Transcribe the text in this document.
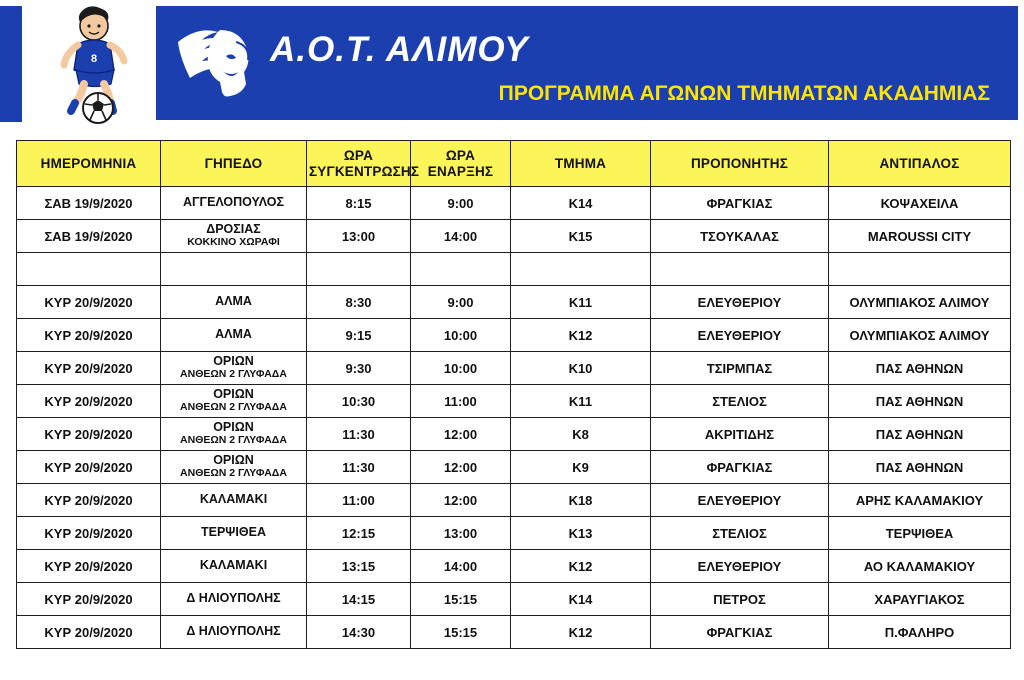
8	Α.Ο.Τ. ΑΛΙΜΟΥ
ΠΡΟΓΡΑΜΜΑ ΑΓΩΝΩΝ ΤΜΗΜΑΤΩΝ ΑΚΑΔΗΜΙΑΣ
ΗΜΕΡΟΜΗΝΙΑ	ΓΗΠΕΔΟ	ΩΡΑ
ΣΥΓΚΕΝΤΡΩΣΗΣ	ΩΡΑ
ΕΝΑΡΞΗΣ	ΤΜΗΜΑ	ΠΡΟΠΟΝΗΤΗΣ	ΑΝΤΙΠΑΛΟΣ
ΣΑΒ 19/9/2020	ΑΓΓΕΛΟΠΟΥΛΟΣ	8:15	9:00	Κ14	ΦΡΑΓΚΙΑΣ	ΚΟΨΑΧΕΙΛΑ
ΣΑΒ 19/9/2020	ΔΡΟΣΙΑΣ
ΚΟΚΚΙΝΟ ΧΩΡΑΦΙ	13:00	14:00	Κ15	ΤΣΟΥΚΑΛΑΣ	MAROUSSI CITY

ΚΥΡ 20/9/2020	ΑΛΜΑ	8:30	9:00	Κ11	ΕΛΕΥΘΕΡΙΟΥ	ΟΛΥΜΠΙΑΚΟΣ ΑΛΙΜΟΥ
ΚΥΡ 20/9/2020	ΑΛΜΑ	9:15	10:00	Κ12	ΕΛΕΥΘΕΡΙΟΥ	ΟΛΥΜΠΙΑΚΟΣ ΑΛΙΜΟΥ
ΚΥΡ 20/9/2020	ΟΡΙΩΝ
ΑΝΘΕΩΝ 2 ΓΛΥΦΑΔΑ	9:30	10:00	Κ10	ΤΣΙΡΜΠΑΣ	ΠΑΣ ΑΘΗΝΩΝ
ΚΥΡ 20/9/2020	ΟΡΙΩΝ
ΑΝΘΕΩΝ 2 ΓΛΥΦΑΔΑ	10:30	11:00	Κ11	ΣΤΕΛΙΟΣ	ΠΑΣ ΑΘΗΝΩΝ
ΚΥΡ 20/9/2020	ΟΡΙΩΝ
ΑΝΘΕΩΝ 2 ΓΛΥΦΑΔΑ	11:30	12:00	Κ8	ΑΚΡΙΤΙΔΗΣ	ΠΑΣ ΑΘΗΝΩΝ
ΚΥΡ 20/9/2020	ΟΡΙΩΝ
ΑΝΘΕΩΝ 2 ΓΛΥΦΑΔΑ	11:30	12:00	Κ9	ΦΡΑΓΚΙΑΣ	ΠΑΣ ΑΘΗΝΩΝ
ΚΥΡ 20/9/2020	ΚΑΛΑΜΑΚΙ	11:00	12:00	Κ18	ΕΛΕΥΘΕΡΙΟΥ	ΑΡΗΣ ΚΑΛΑΜΑΚΙΟΥ
ΚΥΡ 20/9/2020	ΤΕΡΨΙΘΕΑ	12:15	13:00	Κ13	ΣΤΕΛΙΟΣ	ΤΕΡΨΙΘΕΑ
ΚΥΡ 20/9/2020	ΚΑΛΑΜΑΚΙ	13:15	14:00	Κ12	ΕΛΕΥΘΕΡΙΟΥ	ΑΟ ΚΑΛΑΜΑΚΙΟΥ
ΚΥΡ 20/9/2020	Δ ΗΛΙΟΥΠΟΛΗΣ	14:15	15:15	Κ14	ΠΕΤΡΟΣ	ΧΑΡΑΥΓΙΑΚΟΣ
ΚΥΡ 20/9/2020	Δ ΗΛΙΟΥΠΟΛΗΣ	14:30	15:15	Κ12	ΦΡΑΓΚΙΑΣ	Π.ΦΑΛΗΡΟ
